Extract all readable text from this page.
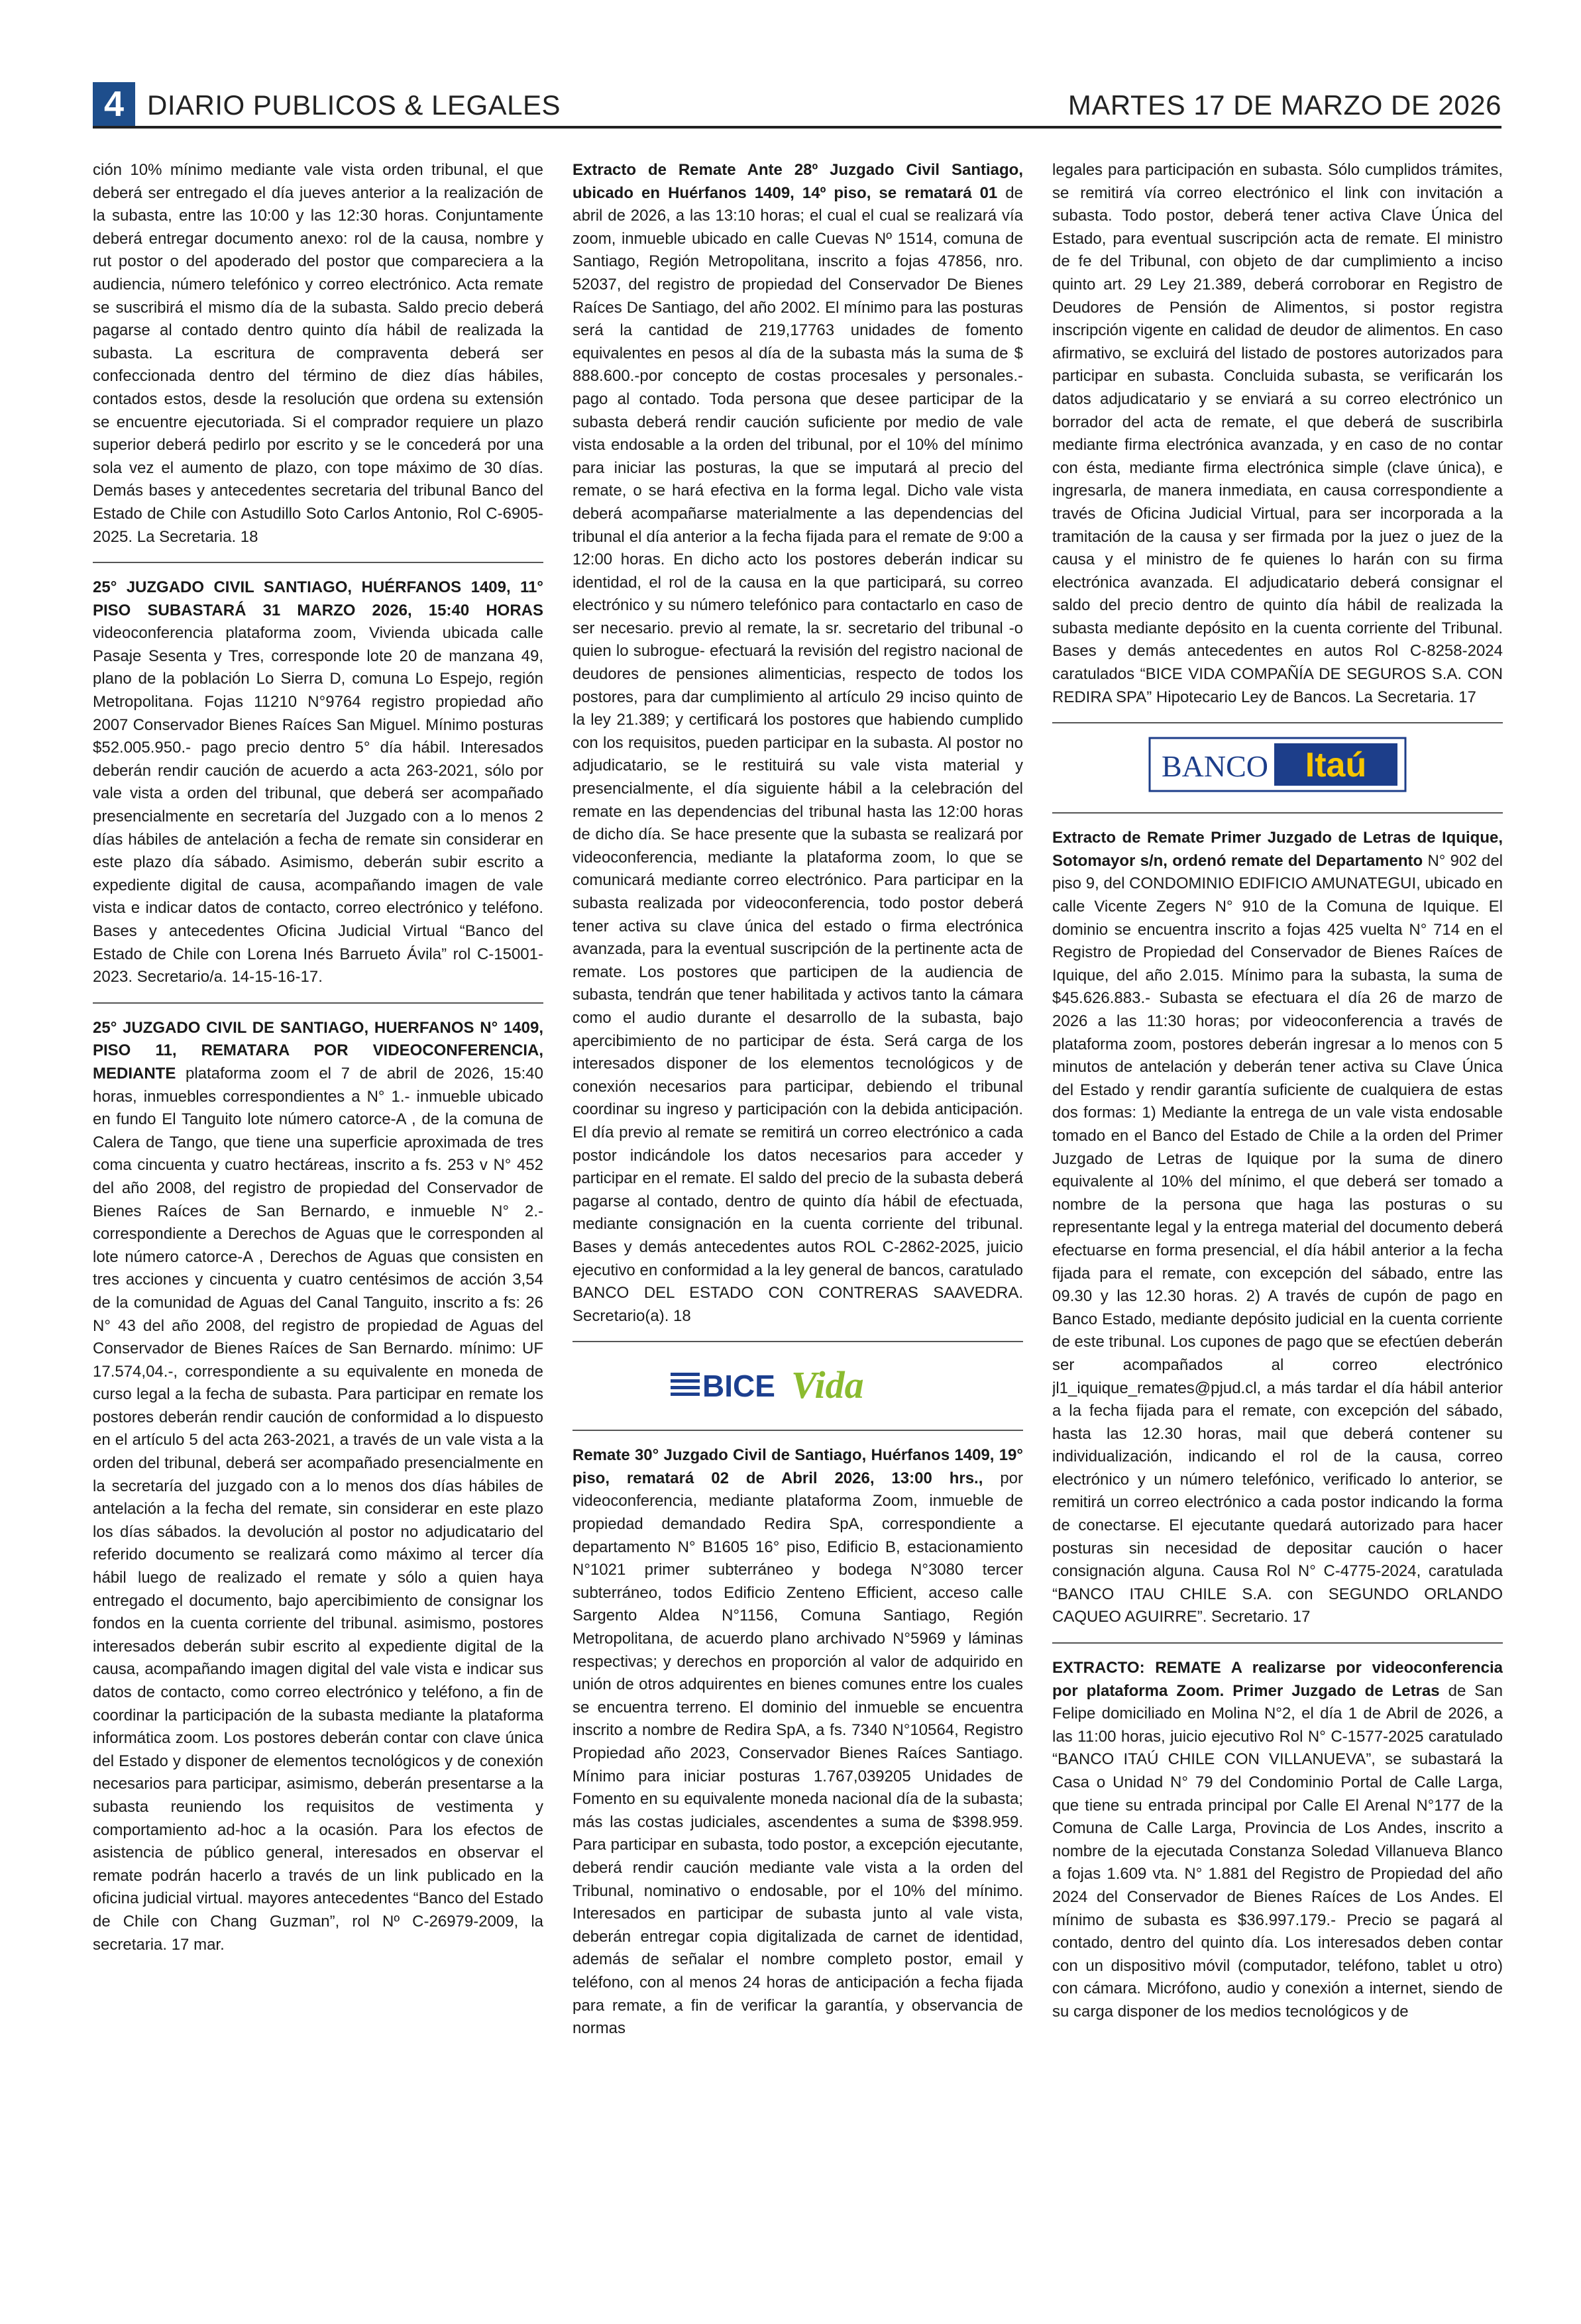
4 DIARIO PUBLICOS & LEGALES	MARTES 17 DE MARZO DE 2026

ción 10% mínimo mediante vale vista orden tribunal, el que deberá ser entregado el día jueves anterior a la realización de la subasta, entre las 10:00 y las 12:30 horas. Conjuntamente deberá entregar documento anexo: rol de la causa, nombre y rut postor o del apoderado del postor que compareciera a la audiencia, número telefónico y correo electrónico. Acta remate se suscribirá el mismo día de la subasta. Saldo precio deberá pagarse al contado dentro quinto día hábil de realizada la subasta. La escritura de compraventa deberá ser confeccionada dentro del término de diez días hábiles, contados estos, desde la resolución que ordena su extensión se encuentre ejecutoriada. Si el comprador requiere un plazo superior deberá pedirlo por escrito y se le concederá por una sola vez el aumento de plazo, con tope máximo de 30 días. Demás bases y antecedentes secretaria del tribunal Banco del Estado de Chile con Astudillo Soto Carlos Antonio, Rol C-6905-2025. La Secretaria. 18

25° JUZGADO CIVIL SANTIAGO, HUÉRFANOS 1409, 11° PISO SUBASTARÁ 31 MARZO 2026, 15:40 HORAS videoconferencia plataforma zoom, Vivienda ubicada calle Pasaje Sesenta y Tres, corresponde lote 20 de manzana 49, plano de la población Lo Sierra D, comuna Lo Espejo, región Metropolitana. Fojas 11210 N°9764 registro propiedad año 2007 Conservador Bienes Raíces San Miguel. Mínimo posturas $52.005.950.- pago precio dentro 5° día hábil. Interesados deberán rendir caución de acuerdo a acta 263-2021, sólo por vale vista a orden del tribunal, que deberá ser acompañado presencialmente en secretaría del Juzgado con a lo menos 2 días hábiles de antelación a fecha de remate sin considerar en este plazo día sábado. Asimismo, deberán subir escrito a expediente digital de causa, acompañando imagen de vale vista e indicar datos de contacto, correo electrónico y teléfono. Bases y antecedentes Oficina Judicial Virtual “Banco del Estado de Chile con Lorena Inés Barrueto Ávila” rol C-15001-2023. Secretario/a. 14-15-16-17.

25° JUZGADO CIVIL DE SANTIAGO, HUERFANOS N° 1409, PISO 11, REMATARA POR VIDEOCONFERENCIA, MEDIANTE plataforma zoom el 7 de abril de 2026, 15:40 horas, inmuebles correspondientes a N° 1.- inmueble ubicado en fundo El Tanguito lote número catorce-A , de la comuna de Calera de Tango, que tiene una superficie aproximada de tres coma cincuenta y cuatro hectáreas, inscrito a fs. 253 v N° 452 del año 2008, del registro de propiedad del Conservador de Bienes Raíces de San Bernardo, e inmueble N° 2.- correspondiente a Derechos de Aguas que le corresponden al lote número catorce-A , Derechos de Aguas que consisten en tres acciones y cincuenta y cuatro centésimos de acción 3,54 de la comunidad de Aguas del Canal Tanguito, inscrito a fs: 26 N° 43 del año 2008, del registro de propiedad de Aguas del Conservador de Bienes Raíces de San Bernardo. mínimo: UF 17.574,04.-, correspondiente a su equivalente en moneda de curso legal a la fecha de subasta. Para participar en remate los postores deberán rendir caución de conformidad a lo dispuesto en el artículo 5 del acta 263-2021, a través de un vale vista a la orden del tribunal, deberá ser acompañado presencialmente en la secretaría del juzgado con a lo menos dos días hábiles de antelación a la fecha del remate, sin considerar en este plazo los días sábados. la devolución al postor no adjudicatario del referido documento se realizará como máximo al tercer día hábil luego de realizado el remate y sólo a quien haya entregado el documento, bajo apercibimiento de consignar los fondos en la cuenta corriente del tribunal. asimismo, postores interesados deberán subir escrito al expediente digital de la causa, acompañando imagen digital del vale vista e indicar sus datos de contacto, como correo electrónico y teléfono, a fin de coordinar la participación de la subasta mediante la plataforma informática zoom. Los postores deberán contar con clave única del Estado y disponer de elementos tecnológicos y de conexión necesarios para participar, asimismo, deberán presentarse a la subasta reuniendo los requisitos de vestimenta y comportamiento ad-hoc a la ocasión. Para los efectos de asistencia de público general, interesados en observar el remate podrán hacerlo a través de un link publicado en la oficina judicial virtual. mayores antecedentes “Banco del Estado de Chile con Chang Guzman”, rol Nº C-26979-2009, la secretaria. 17 mar.

Extracto de Remate Ante 28º Juzgado Civil Santiago, ubicado en Huérfanos 1409, 14º piso, se rematará 01 de abril de 2026, a las 13:10 horas; el cual el cual se realizará vía zoom, inmueble ubicado en calle Cuevas Nº 1514, comuna de Santiago, Región Metropolitana, inscrito a fojas 47856, nro. 52037, del registro de propiedad del Conservador De Bienes Raíces De Santiago, del año 2002. El mínimo para las posturas será la cantidad de 219,17763 unidades de fomento equivalentes en pesos al día de la subasta más la suma de $ 888.600.-por concepto de costas procesales y personales.- pago al contado. Toda persona que desee participar de la subasta deberá rendir caución suficiente por medio de vale vista endosable a la orden del tribunal, por el 10% del mínimo para iniciar las posturas, la que se imputará al precio del remate, o se hará efectiva en la forma legal. Dicho vale vista deberá acompañarse materialmente a las dependencias del tribunal el día anterior a la fecha fijada para el remate de 9:00 a 12:00 horas. En dicho acto los postores deberán indicar su identidad, el rol de la causa en la que participará, su correo electrónico y su número telefónico para contactarlo en caso de ser necesario. previo al remate, la sr. secretario del tribunal -o quien lo subrogue- efectuará la revisión del registro nacional de deudores de pensiones alimenticias, respecto de todos los postores, para dar cumplimiento al artículo 29 inciso quinto de la ley 21.389; y certificará los postores que habiendo cumplido con los requisitos, pueden participar en la subasta. Al postor no adjudicatario, se le restituirá su vale vista material y presencialmente, el día siguiente hábil a la celebración del remate en las dependencias del tribunal hasta las 12:00 horas de dicho día. Se hace presente que la subasta se realizará por videoconferencia, mediante la plataforma zoom, lo que se comunicará mediante correo electrónico. Para participar en la subasta realizada por videoconferencia, todo postor deberá tener activa su clave única del estado o firma electrónica avanzada, para la eventual suscripción de la pertinente acta de remate. Los postores que participen de la audiencia de subasta, tendrán que tener habilitada y activos tanto la cámara como el audio durante el desarrollo de la subasta, bajo apercibimiento de no participar de ésta. Será carga de los interesados disponer de los elementos tecnológicos y de conexión necesarios para participar, debiendo el tribunal coordinar su ingreso y participación con la debida anticipación. El día previo al remate se remitirá un correo electrónico a cada postor indicándole los datos necesarios para acceder y participar en el remate. El saldo del precio de la subasta deberá pagarse al contado, dentro de quinto día hábil de efectuada, mediante consignación en la cuenta corriente del tribunal. Bases y demás antecedentes autos ROL C-2862-2025, juicio ejecutivo en conformidad a la ley general de bancos, caratulado BANCO DEL ESTADO CON CONTRERAS SAAVEDRA. Secretario(a). 18

BICE Vida

Remate 30° Juzgado Civil de Santiago, Huérfanos 1409, 19° piso, rematará 02 de Abril 2026, 13:00 hrs., por videoconferencia, mediante plataforma Zoom, inmueble de propiedad demandado Redira SpA, correspondiente a departamento N° B1605 16° piso, Edificio B, estacionamiento N°1021 primer subterráneo y bodega N°3080 tercer subterráneo, todos Edificio Zenteno Efficient, acceso calle Sargento Aldea N°1156, Comuna Santiago, Región Metropolitana, de acuerdo plano archivado N°5969 y láminas respectivas; y derechos en proporción al valor de adquirido en unión de otros adquirentes en bienes comunes entre los cuales se encuentra terreno. El dominio del inmueble se encuentra inscrito a nombre de Redira SpA, a fs. 7340 N°10564, Registro Propiedad año 2023, Conservador Bienes Raíces Santiago. Mínimo para iniciar posturas 1.767,039205 Unidades de Fomento en su equivalente moneda nacional día de la subasta; más las costas judiciales, ascendentes a suma de $398.959. Para participar en subasta, todo postor, a excepción ejecutante, deberá rendir caución mediante vale vista a la orden del Tribunal, nominativo o endosable, por el 10% del mínimo. Interesados en participar de subasta junto al vale vista, deberán entregar copia digitalizada de carnet de identidad, además de señalar el nombre completo postor, email y teléfono, con al menos 24 horas de anticipación a fecha fijada para remate, a fin de verificar la garantía, y observancia de normas

legales para participación en subasta. Sólo cumplidos trámites, se remitirá vía correo electrónico el link con invitación a subasta. Todo postor, deberá tener activa Clave Única del Estado, para eventual suscripción acta de remate. El ministro de fe del Tribunal, con objeto de dar cumplimiento a inciso quinto art. 29 Ley 21.389, deberá corroborar en Registro de Deudores de Pensión de Alimentos, si postor registra inscripción vigente en calidad de deudor de alimentos. En caso afirmativo, se excluirá del listado de postores autorizados para participar en subasta. Concluida subasta, se verificarán los datos adjudicatario y se enviará a su correo electrónico un borrador del acta de remate, el que deberá de suscribirla mediante firma electrónica avanzada, y en caso de no contar con ésta, mediante firma electrónica simple (clave única), e ingresarla, de manera inmediata, en causa correspondiente a través de Oficina Judicial Virtual, para ser incorporada a la tramitación de la causa y ser firmada por la juez o juez de la causa y el ministro de fe quienes lo harán con su firma electrónica avanzada. El adjudicatario deberá consignar el saldo del precio dentro de quinto día hábil de realizada la subasta mediante depósito en la cuenta corriente del Tribunal. Bases y demás antecedentes en autos Rol C-8258-2024 caratulados “BICE VIDA COMPAÑÍA DE SEGUROS S.A. CON REDIRA SPA” Hipotecario Ley de Bancos. La Secretaria. 17

BANCO Itaú

Extracto de Remate Primer Juzgado de Letras de Iquique, Sotomayor s/n, ordenó remate del Departamento N° 902 del piso 9, del CONDOMINIO EDIFICIO AMUNATEGUI, ubicado en calle Vicente Zegers N° 910 de la Comuna de Iquique. El dominio se encuentra inscrito a fojas 425 vuelta N° 714 en el Registro de Propiedad del Conservador de Bienes Raíces de Iquique, del año 2.015. Mínimo para la subasta, la suma de $45.626.883.- Subasta se efectuara el día 26 de marzo de 2026 a las 11:30 horas; por videoconferencia a través de plataforma zoom, postores deberán ingresar a lo menos con 5 minutos de antelación y deberán tener activa su Clave Única del Estado y rendir garantía suficiente de cualquiera de estas dos formas: 1) Mediante la entrega de un vale vista endosable tomado en el Banco del Estado de Chile a la orden del Primer Juzgado de Letras de Iquique por la suma de dinero equivalente al 10% del mínimo, el que deberá ser tomado a nombre de la persona que haga las posturas o su representante legal y la entrega material del documento deberá efectuarse en forma presencial, el día hábil anterior a la fecha fijada para el remate, con excepción del sábado, entre las 09.30 y las 12.30 horas. 2) A través de cupón de pago en Banco Estado, mediante depósito judicial en la cuenta corriente de este tribunal. Los cupones de pago que se efectúen deberán ser acompañados al correo electrónico jl1_iquique_remates@pjud.cl, a más tardar el día hábil anterior a la fecha fijada para el remate, con excepción del sábado, hasta las 12.30 horas, mail que deberá contener su individualización, indicando el rol de la causa, correo electrónico y un número telefónico, verificado lo anterior, se remitirá un correo electrónico a cada postor indicando la forma de conectarse. El ejecutante quedará autorizado para hacer posturas sin necesidad de depositar caución o hacer consignación alguna. Causa Rol N° C-4775-2024, caratulada “BANCO ITAU CHILE S.A. con SEGUNDO ORLANDO CAQUEO AGUIRRE”. Secretario. 17

EXTRACTO: REMATE A realizarse por videoconferencia por plataforma Zoom. Primer Juzgado de Letras de San Felipe domiciliado en Molina N°2, el día 1 de Abril de 2026, a las 11:00 horas, juicio ejecutivo Rol N° C-1577-2025 caratulado “BANCO ITAÚ CHILE CON VILLANUEVA”, se subastará la Casa o Unidad N° 79 del Condominio Portal de Calle Larga, que tiene su entrada principal por Calle El Arenal N°177 de la Comuna de Calle Larga, Provincia de Los Andes, inscrito a nombre de la ejecutada Constanza Soledad Villanueva Blanco a fojas 1.609 vta. N° 1.881 del Registro de Propiedad del año 2024 del Conservador de Bienes Raíces de Los Andes. El mínimo de subasta es $36.997.179.- Precio se pagará al contado, dentro del quinto día. Los interesados deben contar con un dispositivo móvil (computador, teléfono, tablet u otro) con cámara. Micrófono, audio y conexión a internet, siendo de su carga disponer de los medios tecnológicos y de
